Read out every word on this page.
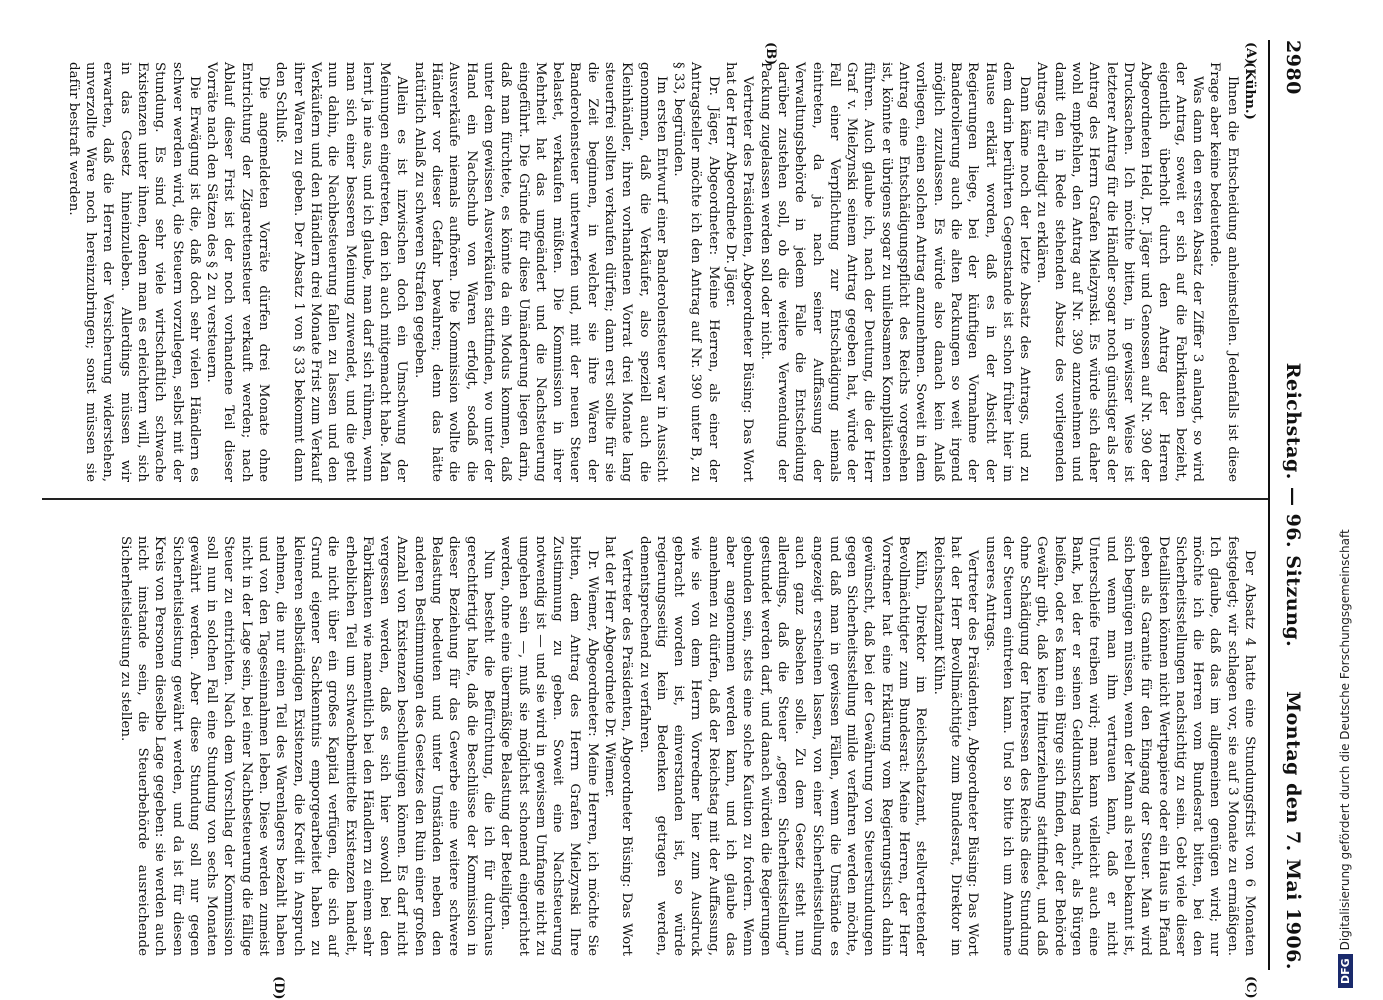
2980
Reichstag. — 96. Sitzung.
Montag den 7. Mai 1906.
(A)
(B)
(C)
(D)

(Kühn.)

Ihnen die Entscheidung anheimstellen. Jedenfalls ist diese Frage aber keine bedeutende.

Was dann den ersten Absatz der Ziffer 3 anlangt, so wird der Antrag, soweit er sich auf die Fabrikanten bezieht, eigentlich überholt durch den Antrag der Herren Abgeordneten Held, Dr. Jäger und Genossen auf Nr. 390 der Drucksachen. Ich möchte bitten, in gewisser Weise ist letzterer Antrag für die Händler sogar noch günstiger als der Antrag des Herrn Grafen Mielzynski. Es würde sich daher wohl empfehlen, den Antrag auf Nr. 390 anzunehmen und damit den in Rede stehenden Absatz des vorliegenden Antrags für erledigt zu erklären.

Dann käme noch der letzte Absatz des Antrags, und zu dem darin berührten Gegenstande ist schon früher hier im Hause erklärt worden, daß es in der Absicht der Regierungen liege, bei der künftigen Vornahme der Banderolierung auch die alten Packungen so weit irgend möglich zuzulassen. Es würde also danach kein Anlaß vorliegen, einen solchen Antrag anzunehmen. Soweit in dem Antrag eine Entschädigungspflicht des Reichs vorgesehen ist, könnte er übrigens sogar zu unliebsamen Komplikationen führen. Auch glaube ich, nach der Deutung, die der Herr Graf v. Mielzynski seinem Antrag gegeben hat, würde der Fall einer Verpflichtung zur Entschädigung niemals eintreten, da ja nach seiner Auffassung der Verwaltungsbehörde in jedem Falle die Entscheidung darüber zustehen soll, ob die weitere Verwendung der Packung zugelassen werden soll oder nicht.

Vertreter des Präsidenten, Abgeordneter Büsing: Das Wort hat der Herr Abgeordnete Dr. Jäger.

Dr. Jäger, Abgeordneter: Meine Herren, als einer der Antragsteller möchte ich den Antrag auf Nr. 390 unter B, zu § 33, begründen.

Im ersten Entwurf einer Banderolensteuer war in Aussicht genommen, daß die Verkäufer, also speziell auch die Kleinhändler, ihren vorhandenen Vorrat drei Monate lang steuerfrei sollten verkaufen dürfen; dann erst sollte für sie die Zeit beginnen, in welcher sie ihre Waren der Banderolensteuer unterwerfen und, mit der neuen Steuer belastet, verkaufen müßten. Die Kommission in ihrer Mehrheit hat das umgeändert und die Nachsteuerung eingeführt. Die Gründe für diese Umänderung liegen darin, daß man fürchtete, es könnte da ein Modus kommen, daß unter dem gewissen Ausverkäufen stattfinden, wo unter der Hand ein Nachschub von Waren erfolgt, sodaß die Ausverkäufe niemals aufhören. Die Kommission wollte die Händler vor dieser Gefahr bewahren; denn das hätte natürlich Anlaß zu schweren Strafen gegeben.

Allein es ist inzwischen doch ein Umschwung der Meinungen eingetreten, den ich auch mitgemacht habe. Man lernt ja nie aus, und ich glaube, man darf sich rühmen, wenn man sich einer besseren Meinung zuwendet, und die geht nun dahin, die Nachbesteuerung fallen zu lassen und den Verkäufern und den Händlern drei Monate Frist zum Verkauf ihrer Waren zu geben. Der Absatz 1 von § 33 bekommt dann den Schluß:

Die angemeldeten Vorräte dürfen drei Monate ohne Entrichtung der Zigarettensteuer verkauft werden; nach Ablauf dieser Frist ist der noch vorhandene Teil dieser Vorräte nach den Sätzen des § 2 zu versteuern.

Die Erwägung ist die, daß doch sehr vielen Händlern es schwer werden wird, die Steuern vorzulegen, selbst mit der Stundung. Es sind sehr viele wirtschaftlich schwache Existenzen unter ihnen, denen man es erleichtern will, sich in das Gesetz hineinzuleben. Allerdings müssen wir erwarten, daß die Herren der Versicherung widerstehen, unverzollte Ware noch hereinzubringen; sonst müssen sie dafür bestraft werden.

Der Absatz 4 hatte eine Stundungsfrist von 6 Monaten festgelegt; wir schlagen vor, sie auf 3 Monate zu ermäßigen. Ich glaube, daß das im allgemeinen genügen wird; nur möchte ich die Herren vom Bundesrat bitten, bei den Sicherheitsstellungen nachsichtig zu sein. Gebt viele dieser Detaillisten können nicht Wertpapiere oder ein Haus in Pfand geben als Garantie für den Eingang der Steuer. Man wird sich begnügen müssen, wenn der Mann als reell bekannt ist, und wenn man ihm vertrauen kann, daß er nicht Unterschleife treiben wird; man kann vielleicht auch eine Bank, bei der er seinen Geldumschlag macht, als Bürgen heißen, oder es kann ein Bürge sich finden, der der Behörde Gewähr gibt, daß keine Hinterziehung stattfindet, und daß ohne Schädigung der Interessen des Reichs diese Stundung der Steuern eintreten kann. Und so bitte ich um Annahme unseres Antrags.

Vertreter des Präsidenten, Abgeordneter Büsing: Das Wort hat der Herr Bevollmächtigte zum Bundesrat, Direktor im Reichsschatzamt Kühn.

Kühn, Direktor im Reichsschatzamt, stellvertretender Bevollmächtigter zum Bundesrat: Meine Herren, der Herr Vorredner hat eine Erklärung vom Regierungstisch dahin gewünscht, daß bei der Gewährung von Steuerstundungen gegen Sicherheitsstellung milde verfahren werden möchte, und daß man in gewissen Fällen, wenn die Umstände es angezeigt erscheinen lassen, von einer Sicherheitsstellung auch ganz absehen solle. Zu dem Gesetz steht nun allerdings, daß die Steuer „gegen Sicherheitsstellung“ gestundet werden darf, und danach würden die Regierungen gebunden sein, stets eine solche Kaution zu fordern. Wenn aber angenommen werden kann, und ich glaube das annehmen zu dürfen, daß der Reichstag mit der Auffassung, wie sie von dem Herrn Vorredner hier zum Ausdruck gebracht worden ist, einverstanden ist, so würde regierungsseitig kein Bedenken getragen werden, dementsprechend zu verfahren.

Vertreter des Präsidenten, Abgeordneter Büsing: Das Wort hat der Herr Abgeordnete Dr. Wiemer.

Dr. Wiemer, Abgeordneter: Meine Herren, ich möchte Sie bitten, dem Antrag des Herrn Grafen Mielzynski Ihre Zustimmung zu geben. Soweit eine Nachsteuerung notwendig ist — und sie wird in gewissem Umfange nicht zu umgehen sein —, muß sie möglichst schonend eingerichtet werden, ohne eine übermäßige Belastung der Beteiligten.

Nun besteht die Befürchtung, die ich für durchaus gerechtfertigt halte, daß die Beschlüsse der Kommission in dieser Beziehung für das Gewerbe eine weitere schwere Belastung bedeuten und unter Umständen neben den anderen Bestimmungen des Gesetzes den Ruin einer großen Anzahl von Existenzen beschleunigen können. Es darf nicht vergessen werden, daß es sich hier sowohl bei den Fabrikanten wie namentlich bei den Händlern zu einem sehr erheblichen Teil um schwachbemittelte Existenzen handelt, die nicht über ein großes Kapital verfügen, die sich auf Grund eigener Sachkenntnis emporgearbeitet haben zu kleineren selbständigen Existenzen, die Kredit in Anspruch nehmen, die nur einen Teil des Warenlagers bezahlt haben und von den Tageseinnahmen leben. Diese werden zumeist nicht in der Lage sein, bei einer Nachbesteuerung die fällige Steuer zu entrichten. Nach dem Vorschlag der Kommission soll nun in solchen Fall eine Stundung von sechs Monaten gewährt werden. Aber diese Stundung soll nur gegen Sicherheitsleistung gewährt werden, und da ist für diesen Kreis von Personen dieselbe Lage gegeben: sie werden auch nicht imstande sein, die Steuerbehörde ausreichende Sicherheitsleistung zu stellen.

DFG
Digitalisierung gefördert durch die Deutsche Forschungsgemeinschaft
